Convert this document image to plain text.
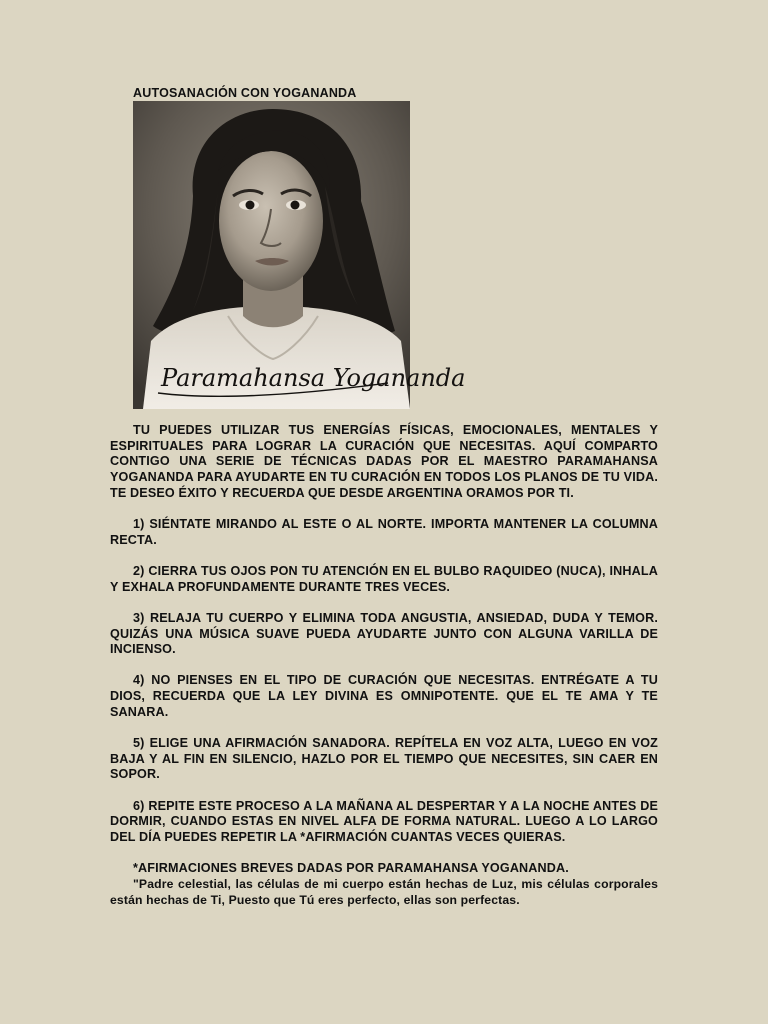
AUTOSANACIÓN CON YOGANANDA
Paramahansa Yogananda

TU PUEDES UTILIZAR TUS ENERGÍAS FÍSICAS, EMOCIONALES, MENTALES Y ESPIRITUALES PARA LOGRAR LA CURACIÓN QUE NECESITAS. AQUÍ COMPARTO CONTIGO UNA SERIE DE TÉCNICAS DADAS POR EL MAESTRO PARAMAHANSA YOGANANDA PARA AYUDARTE EN TU CURACIÓN EN TODOS LOS PLANOS DE TU VIDA. TE DESEO ÉXITO Y RECUERDA QUE DESDE ARGENTINA ORAMOS POR TI.

1) SIÉNTATE MIRANDO AL ESTE O AL NORTE. IMPORTA MANTENER LA COLUMNA RECTA.

2) CIERRA TUS OJOS PON TU ATENCIÓN EN EL BULBO RAQUIDEO (NUCA), INHALA Y EXHALA PROFUNDAMENTE DURANTE TRES VECES.

3) RELAJA TU CUERPO Y ELIMINA TODA ANGUSTIA, ANSIEDAD, DUDA Y TEMOR. QUIZÁS UNA MÚSICA SUAVE PUEDA AYUDARTE JUNTO CON ALGUNA VARILLA DE INCIENSO.

4) NO PIENSES EN EL TIPO DE CURACIÓN QUE NECESITAS. ENTRÉGATE A TU DIOS, RECUERDA QUE LA LEY DIVINA ES OMNIPOTENTE. QUE EL TE AMA Y TE SANARA.

5) ELIGE UNA AFIRMACIÓN SANADORA. REPÍTELA EN VOZ ALTA, LUEGO EN VOZ BAJA Y AL FIN EN SILENCIO, HAZLO POR EL TIEMPO QUE NECESITES, SIN CAER EN SOPOR.

6) REPITE ESTE PROCESO A LA MAÑANA AL DESPERTAR Y A LA NOCHE ANTES DE DORMIR, CUANDO ESTAS EN NIVEL ALFA DE FORMA NATURAL. LUEGO A LO LARGO DEL DÍA PUEDES REPETIR LA *AFIRMACIÓN CUANTAS VECES QUIERAS.

*AFIRMACIONES BREVES DADAS POR PARAMAHANSA YOGANANDA.

"Padre celestial, las células de mi cuerpo están hechas de Luz, mis células corporales están hechas de Ti, Puesto que Tú eres perfecto, ellas son perfectas.
